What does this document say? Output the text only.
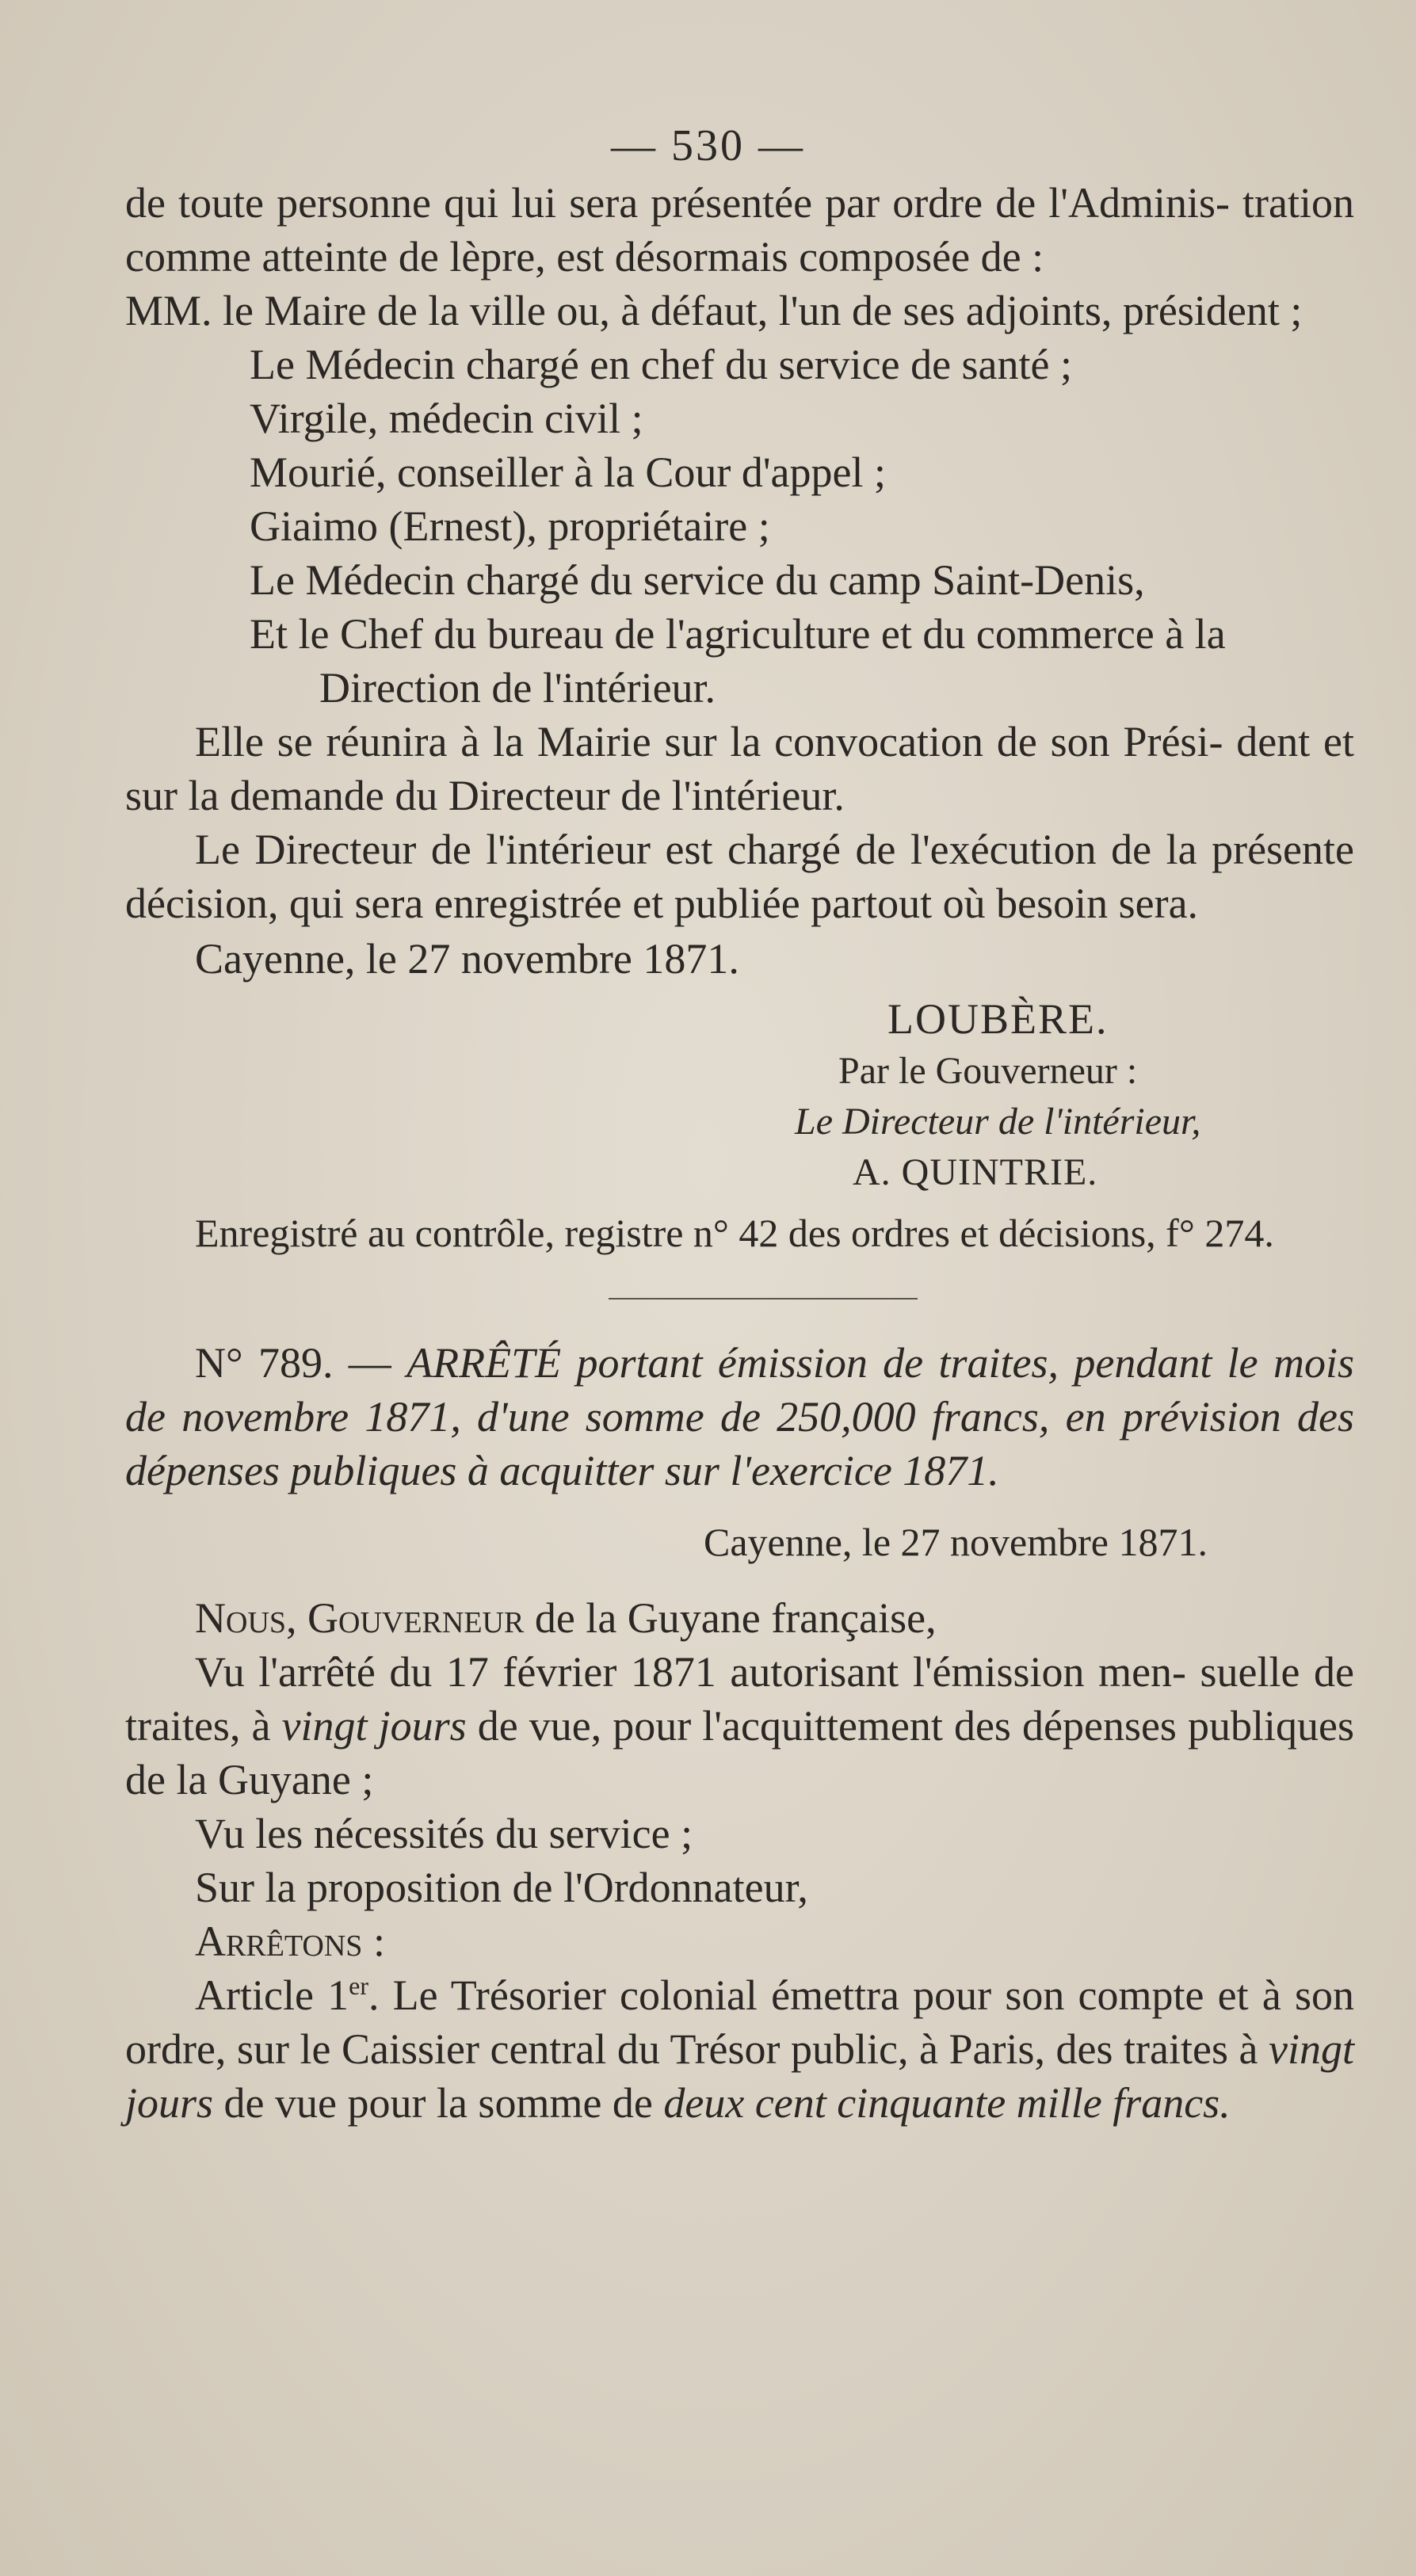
— 530 —

de toute personne qui lui sera présentée par ordre de l'Adminis- tration comme atteinte de lèpre, est désormais composée de :

MM. le Maire de la ville ou, à défaut, l'un de ses adjoints, président ;

Le Médecin chargé en chef du service de santé ;

Virgile, médecin civil ;

Mourié, conseiller à la Cour d'appel ;

Giaimo (Ernest), propriétaire ;

Le Médecin chargé du service du camp Saint-Denis,

Et le Chef du bureau de l'agriculture et du commerce à la Direction de l'intérieur.

Elle se réunira à la Mairie sur la convocation de son Prési- dent et sur la demande du Directeur de l'intérieur.

Le Directeur de l'intérieur est chargé de l'exécution de la présente décision, qui sera enregistrée et publiée partout où besoin sera.

Cayenne, le 27 novembre 1871.

LOUBÈRE.

Par le Gouverneur :

Le Directeur de l'intérieur,

A. QUINTRIE.

Enregistré au contrôle, registre n° 42 des ordres et décisions, f° 274.

N° 789. — ARRÊTÉ portant émission de traites, pendant le mois de novembre 1871, d'une somme de 250,000 francs, en prévision des dépenses publiques à acquitter sur l'exercice 1871.

Cayenne, le 27 novembre 1871.

Nous, Gouverneur de la Guyane française,

Vu l'arrêté du 17 février 1871 autorisant l'émission men- suelle de traites, à vingt jours de vue, pour l'acquittement des dépenses publiques de la Guyane ;

Vu les nécessités du service ;

Sur la proposition de l'Ordonnateur,

Arrêtons :

Article 1er. Le Trésorier colonial émettra pour son compte et à son ordre, sur le Caissier central du Trésor public, à Paris, des traites à vingt jours de vue pour la somme de deux cent cinquante mille francs.
